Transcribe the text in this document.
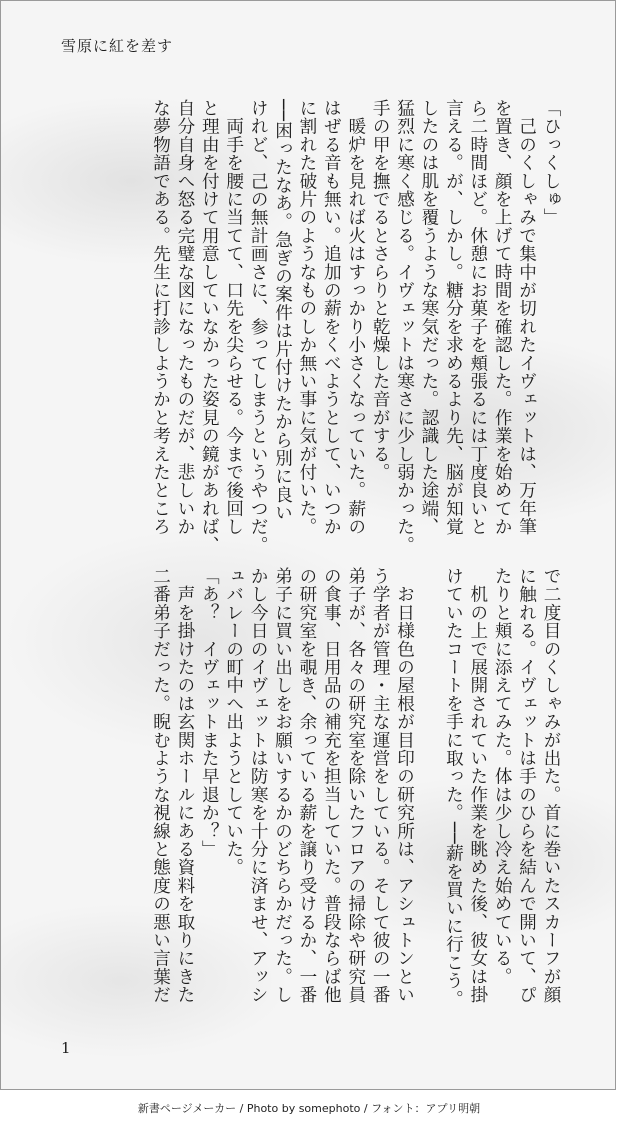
雪原に紅を差す
「ひっくしゅ」
　己のくしゃみで集中が切れたイヴェットは、万年筆
を置き、顔を上げて時間を確認した。作業を始めてか
ら二時間ほど。休憩にお菓子を頬張るには丁度良いと
言える。が、しかし。糖分を求めるより先、脳が知覚
したのは肌を覆うような寒気だった。認識した途端、
猛烈に寒く感じる。イヴェットは寒さに少し弱かった。
手の甲を撫でるとさらりと乾燥した音がする。
　暖炉を見れば火はすっかり小さくなっていた。薪の
はぜる音も無い。追加の薪をくべようとして、いつか
に割れた破片のようなものしか無い事に気が付いた。
──困ったなあ。急ぎの案件は片付けたから別に良い
けれど、己の無計画さに、参ってしまうというやつだ。
　両手を腰に当てて、口先を尖らせる。今まで後回し
と理由を付けて用意していなかった姿見の鏡があれば、
自分自身へ怒る完璧な図になったものだが、悲しいか
な夢物語である。先生に打診しようかと考えたところ
で二度目のくしゃみが出た。首に巻いたスカーフが顔
に触れる。イヴェットは手のひらを結んで開いて、ぴ
たりと頬に添えてみた。体は少し冷え始めている。
　机の上で展開されていた作業を眺めた後、彼女は掛
けていたコートを手に取った。──薪を買いに行こう。

　お日様色の屋根が目印の研究所は、アシュトンとい
う学者が管理・主な運営をしている。そして彼の一番
弟子が、各々の研究室を除いたフロアの掃除や研究員
の食事、日用品の補充を担当していた。普段ならば他
の研究室を覗き、余っている薪を譲り受けるか、一番
弟子に買い出しをお願いするかのどちらかだった。し
かし今日のイヴェットは防寒を十分に済ませ、アッシ
ュバレーの町中へ出ようとしていた。
「あ？　イヴェットまた早退か？」
　声を掛けたのは玄関ホールにある資料を取りにきた
二番弟子だった。睨むような視線と態度の悪い言葉だ
1
新書ページメーカー / Photo by somephoto / フォント：アプリ明朝
